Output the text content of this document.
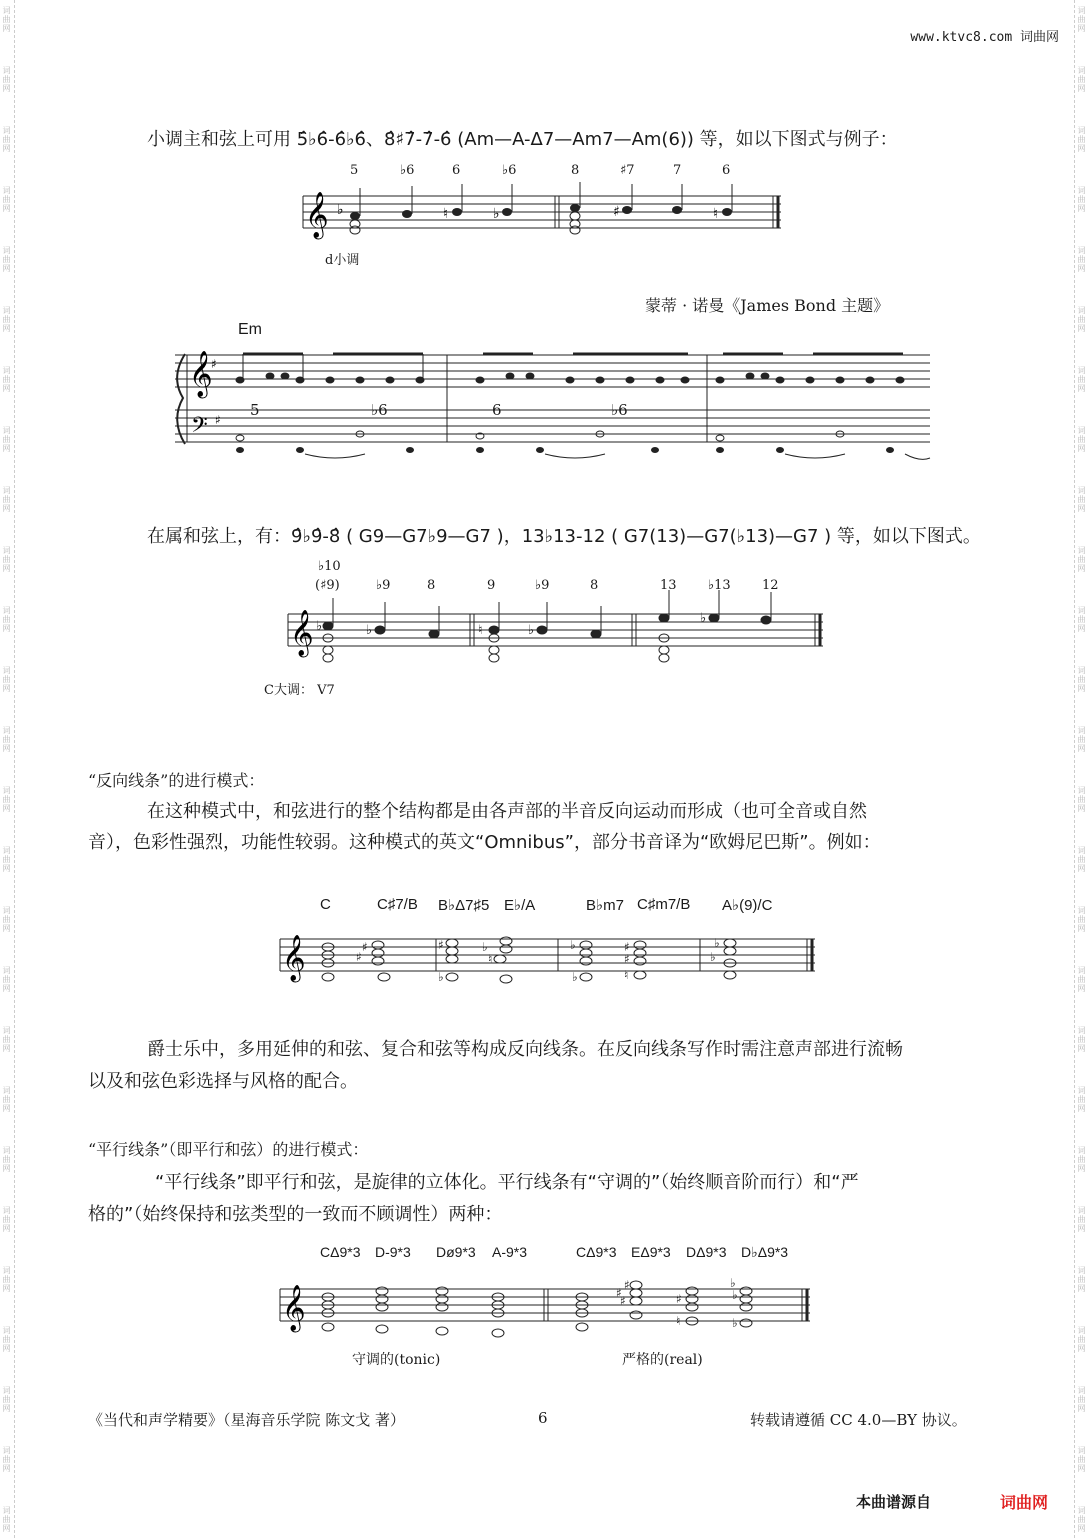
词
曲
网
词
曲
网
词
曲
网
词
曲
网
词
曲
网
词
曲
网
词
曲
网
词
曲
网
词
曲
网
词
曲
网
词
曲
网
词
曲
网
词
曲
网
词
曲
网
词
曲
网
词
曲
网
词
曲
网
词
曲
网
词
曲
网
词
曲
网
词
曲
网
词
曲
网
词
曲
网
词
曲
网
词
曲
网
词
曲
网
词
曲
网
词
曲
网
词
曲
网
词
曲
网
词
曲
网
词
曲
网
词
曲
网
词
曲
网
词
曲
网
词
曲
网
词
曲
网
词
曲
网
词
曲
网
词
曲
网
词
曲
网
词
曲
网
词
曲
网
词
曲
网
词
曲
网
词
曲
网
词
曲
网
词
曲
网
词
曲
网
词
曲
网
词
曲
网
词
曲
网
www.ktvc8.com 词曲网
小调主和弦上可用 5̂♭6̂-6̂♭6̂、8̂♯7̂-7̂-6̂ (Am—A-Δ7—Am7—Am(6)) 等，如以下图式与例子：
5	♭6	6	♭6	8	♯7	7	6
𝄞 ♭	♮	♭	♯	♮
d小调
蒙蒂 · 诺曼《James Bond 主题》
Em
𝄞
𝄢
♯
♯
5	♭6	6	♭6
在属和弦上，有：9̂♭9̂-8̂ ( G9—G7♭9—G7 )，13♭13-12 ( G7(13)—G7(♭13)—G7 ) 等，如以下图式。
♭10
(♯9)	♭9	8	9	♭9	8	13 ♭13 12
𝄞 ♭	♭	♮	♭
♭
C大调： V7
“反向线条”的进行模式：
在这种模式中，和弦进行的整个结构都是由各声部的半音反向运动而形成（也可全音或自然
音），色彩性强烈，功能性较弱。这种模式的英文“Omnibus”，部分书音译为“欧姆尼巴斯”。例如：
C	C♯7/B B♭Δ7♯5 E♭/A	B♭m7 C♯m7/B A♭(9)/C
𝄞	♯
♯	♯
♭
♭
♮
♭
♭
♯
♯
♮
♭
♭
爵士乐中，多用延伸的和弦、复合和弦等构成反向线条。在反向线条写作时需注意声部进行流畅
以及和弦色彩选择与风格的配合。
“平行线条”（即平行和弦）的进行模式：
“平行线条”即平行和弦，是旋律的立体化。平行线条有“守调的”（始终顺音阶而行）和“严
格的”（始终保持和弦类型的一致而不顾调性）两种：
CΔ9*3 D-9*3 Dø9*3 A-9*3	CΔ9*3 EΔ9*3 DΔ9*3 D♭Δ9*3
𝄞	♯
♯
♯
♯
♮
♭
♭
♭
守调的(tonic)	严格的(real)
《当代和声学精要》（星海音乐学院 陈文戈 著）	6	转载请遵循 CC 4.0—BY 协议。
本曲谱源自	词曲网
